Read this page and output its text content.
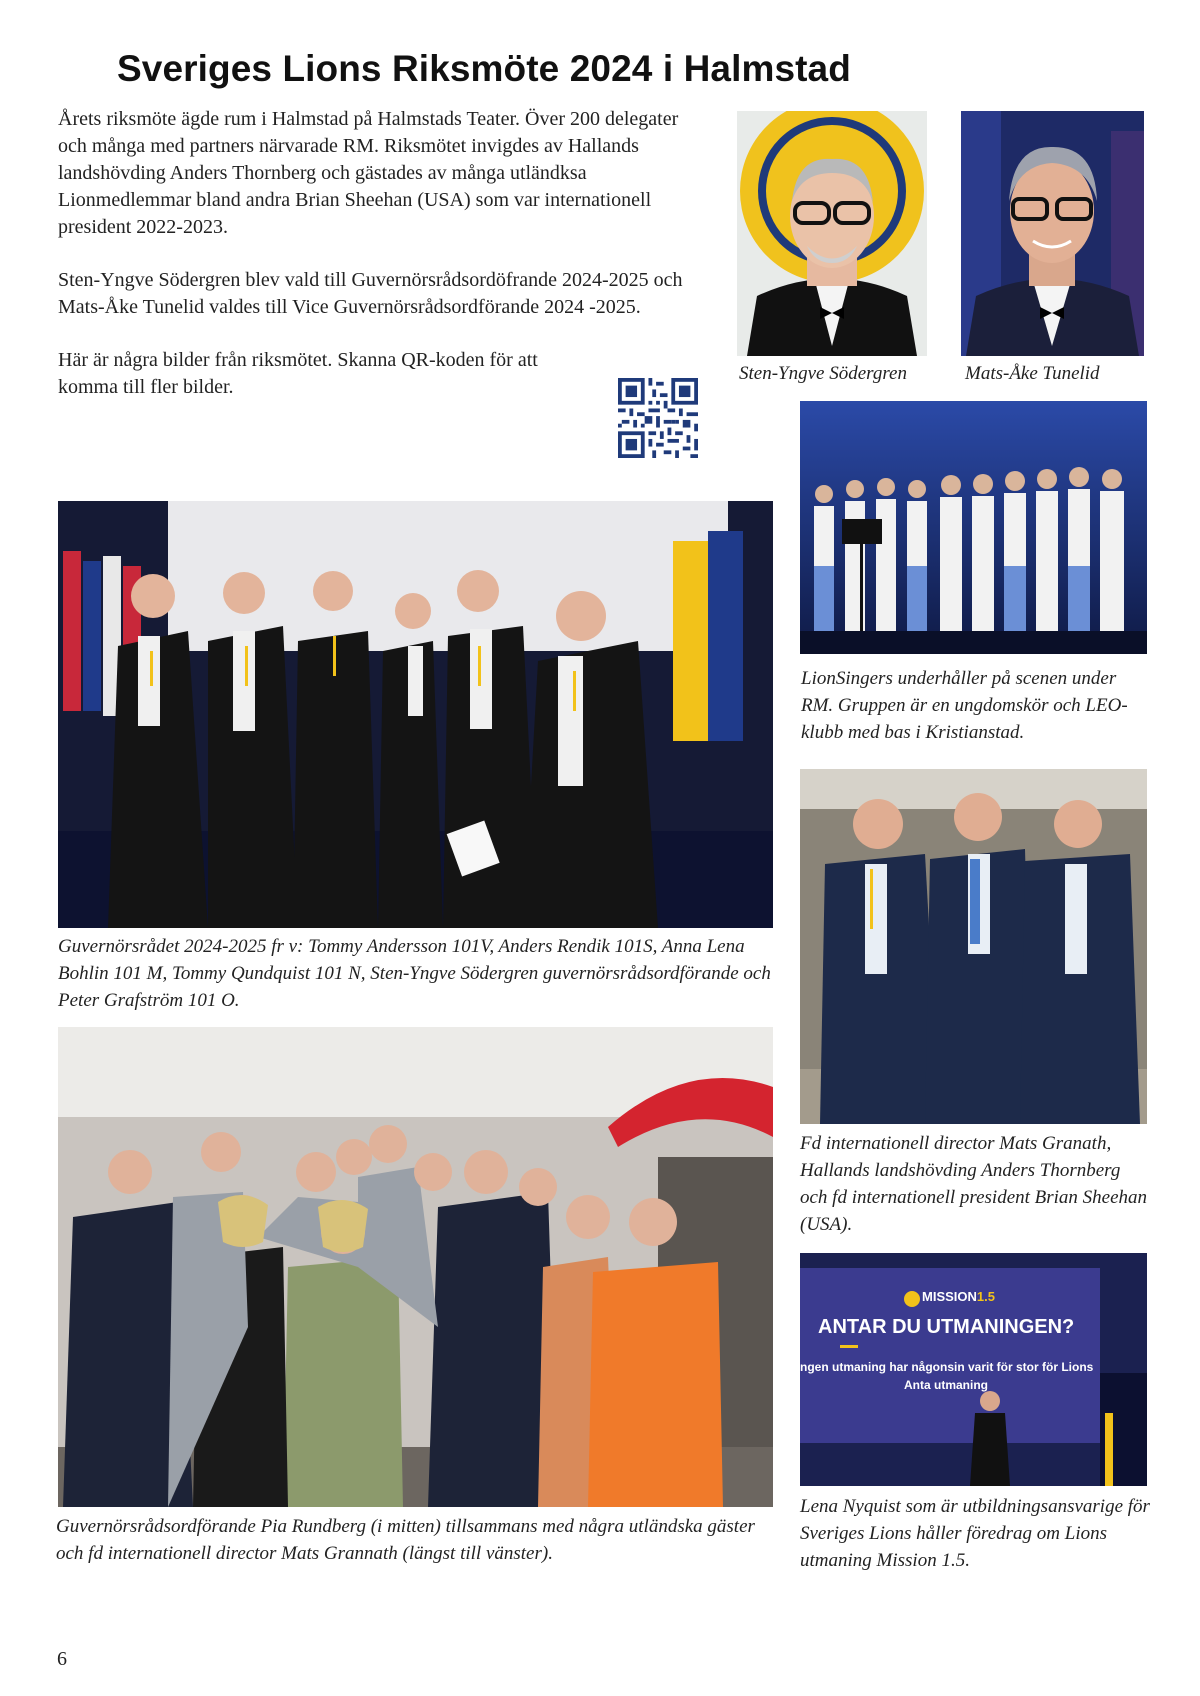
Sveriges Lions Riksmöte 2024 i Halmstad

Årets riksmöte ägde rum i Halmstad på Halmstads Teater. Över 200 delegater och många med partners närvarade RM. Riksmötet invigdes av Hallands landshövding Anders Thornberg och gästades av många utländksa Lionmedlemmar bland andra Brian Sheehan (USA) som var internationell president 2022-2023.

Sten-Yngve Södergren blev vald till Guvernörsrådsordöfrande 2024-2025 och Mats-Åke Tunelid valdes till Vice Guvernörsrådsordförande 2024 -2025.

Här är några bilder från riksmötet. Skanna QR-koden för att komma till fler bilder.

Sten-Yngve Södergren	Mats-Åke Tunelid
LionSingers underhåller på scenen under RM. Gruppen är en ungdomskör och LEO-klubb med bas i Kristianstad.
Guvernörsrådet 2024-2025 fr v: Tommy Andersson 101V, Anders Rendik 101S, Anna Lena Bohlin 101 M, Tommy Qundquist 101 N, Sten-Yngve Södergren guvernörsrådsordförande och Peter Grafström 101 O.
Fd internationell director Mats Granath, Hallands landshövding Anders Thornberg och fd internationell president Brian Sheehan (USA).
Guvernörsrådsordförande Pia Rundberg (i mitten) tillsammans med några utländska gäster och fd internationell director Mats Grannath (längst till vänster).
MISSION1.5
ANTAR DU UTMANINGEN?
ngen utmaning har någonsin varit för stor för Lions
Anta utmaning
Lena Nyquist som är utbildningsansvarige för Sveriges Lions håller föredrag om Lions utmaning Mission 1.5.
6
